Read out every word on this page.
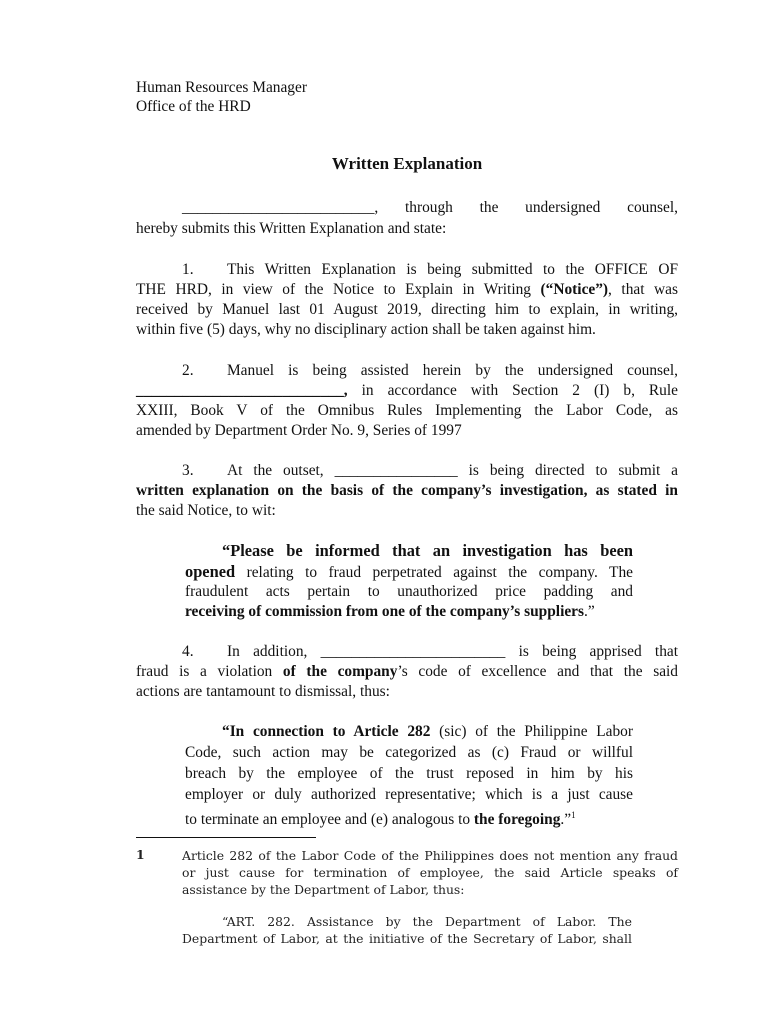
Human Resources Manager
Office of the HRD
Written Explanation
_________________________, through the undersigned counsel,
hereby submits this Written Explanation and state:
1.	This Written Explanation is being submitted to the OFFICE OF
THE HRD, in view of the Notice to Explain in Writing (“Notice”), that was
received by Manuel last 01 August 2019, directing him to explain, in writing,
within five (5) days, why no disciplinary action shall be taken against him.
2.	Manuel is being assisted herein by the undersigned counsel,
___________________________, in accordance with Section 2 (I) b, Rule
XXIII, Book V of the Omnibus Rules Implementing the Labor Code, as
amended by Department Order No. 9, Series of 1997
3.	At the outset, ________________ is being directed to submit a
written explanation on the basis of the company’s investigation, as stated in
the said Notice, to wit:
“Please be informed that an investigation has been
opened relating to fraud perpetrated against the company. The
fraudulent acts pertain to unauthorized price padding and
receiving of commission from one of the company’s suppliers.”
4.	In addition, ________________________ is being apprised that
fraud is a violation of the company’s code of excellence and that the said
actions are tantamount to dismissal, thus:
“In connection to Article 282 (sic) of the Philippine Labor
Code, such action may be categorized as (c) Fraud or willful
breach by the employee of the trust reposed in him by his
employer or duly authorized representative; which is a just cause
to terminate an employee and (e) analogous to the foregoing.”$^1$
1	Article 282 of the Labor Code of the Philippines does not mention any fraud
or just cause for termination of employee, the said Article speaks of
assistance by the Department of Labor, thus:
“ART. 282. Assistance by the Department of Labor. The
Department of Labor, at the initiative of the Secretary of Labor, shall
